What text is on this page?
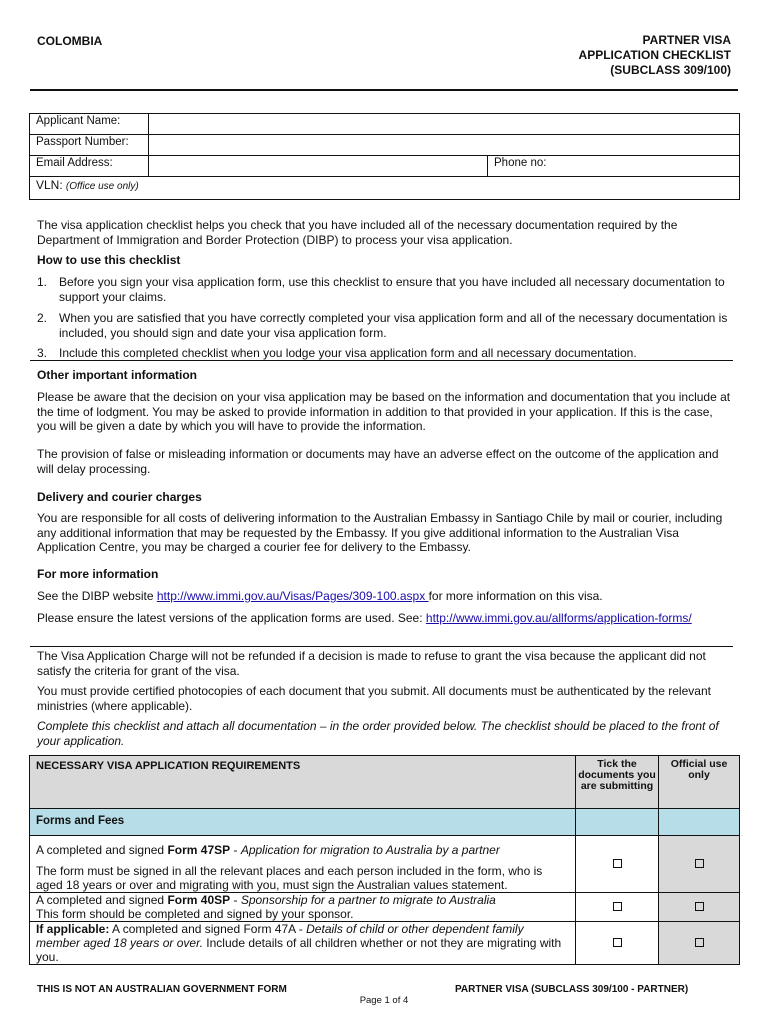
COLOMBIA	PARTNER VISA
APPLICATION CHECKLIST
(SUBCLASS 309/100)
Applicant Name:		
Passport Number:		
Email Address:		Phone no:
VLN: (Office use only)		
The visa application checklist helps you check that you have included all of the necessary documentation required by the Department of Immigration and Border Protection (DIBP) to process your visa application.
How to use this checklist
1. Before you sign your visa application form, use this checklist to ensure that you have included all necessary documentation to support your claims.
2. When you are satisfied that you have correctly completed your visa application form and all of the necessary documentation is included, you should sign and date your visa application form.
3. Include this completed checklist when you lodge your visa application form and all necessary documentation.
Other important information
Please be aware that the decision on your visa application may be based on the information and documentation that you include at the time of lodgment. You may be asked to provide information in addition to that provided in your application. If this is the case, you will be given a date by which you will have to provide the information.
The provision of false or misleading information or documents may have an adverse effect on the outcome of the application and will delay processing.
Delivery and courier charges
You are responsible for all costs of delivering information to the Australian Embassy in Santiago Chile by mail or courier, including any additional information that may be requested by the Embassy. If you give additional information to the Australian Visa Application Centre, you may be charged a courier fee for delivery to the Embassy.
For more information
See the DIBP website http://www.immi.gov.au/Visas/Pages/309-100.aspx for more information on this visa.
Please ensure the latest versions of the application forms are used. See: http://www.immi.gov.au/allforms/application-forms/
The Visa Application Charge will not be refunded if a decision is made to refuse to grant the visa because the applicant did not satisfy the criteria for grant of the visa.
You must provide certified photocopies of each document that you submit. All documents must be authenticated by the relevant ministries (where applicable).
Complete this checklist and attach all documentation – in the order provided below. The checklist should be placed to the front of your application.
NECESSARY VISA APPLICATION REQUIREMENTS	Tick the documents you are submitting	Official use only
Forms and Fees		

A completed and signed Form 47SP - Application for migration to Australia by a partner
The form must be signed in all the relevant places and each person included in the form, who is aged 18 years or over and migrating with you, must sign the Australian values statement.		

A completed and signed Form 40SP - Sponsorship for a partner to migrate to Australia
This form should be completed and signed by your sponsor.		

If applicable: A completed and signed Form 47A - Details of child or other dependent family member aged 18 years or over. Include details of all children whether or not they are migrating with you.		
THIS IS NOT AN AUSTRALIAN GOVERNMENT FORM	PARTNER VISA (SUBCLASS 309/100 - PARTNER)
Page 1 of 4
